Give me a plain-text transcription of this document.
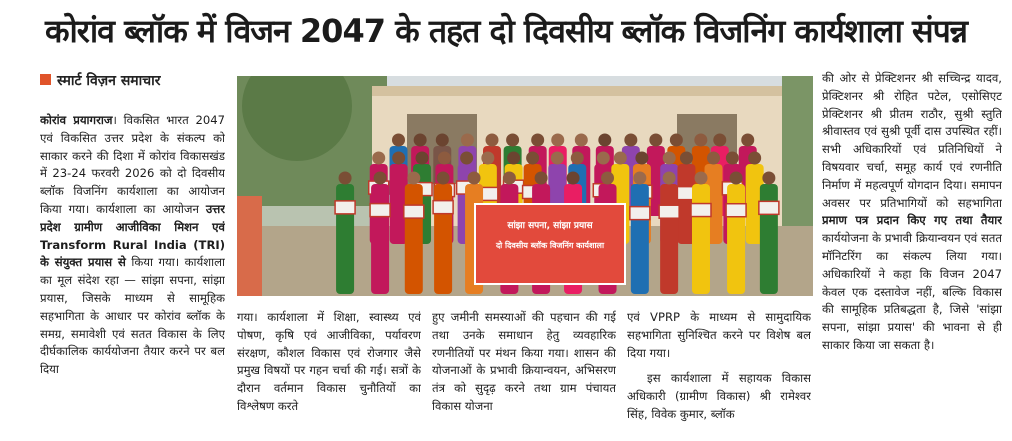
कोरांव ब्लॉक में विजन 2047 के तहत दो दिवसीय ब्लॉक विजनिंग कार्यशाला संपन्न
स्मार्ट विज़न समाचार

कोरांव प्रयागराज। विकसित भारत 2047 एवं विकसित उत्तर प्रदेश के संकल्प को साकार करने की दिशा में कोरांव विकासखंड में 23-24 फरवरी 2026 को दो दिवसीय ब्लॉक विजनिंग कार्यशाला का आयोजन किया गया। कार्यशाला का आयोजन उत्तर प्रदेश ग्रामीण आजीविका मिशन एवं Transform Rural India (TRI) के संयुक्त प्रयास से किया गया। कार्यशाला का मूल संदेश रहा — सांझा सपना, सांझा प्रयास, जिसके माध्यम से सामूहिक सहभागिता के आधार पर कोरांव ब्लॉक के समग्र, समावेशी एवं सतत विकास के लिए दीर्घकालिक कार्ययोजना तैयार करने पर बल दिया

सांझा सपना, सांझा प्रयास
दो दिवसीय ब्लॉक विजनिंग कार्यशाला

गया। कार्यशाला में शिक्षा, स्वास्थ्य एवं पोषण, कृषि एवं आजीविका, पर्यावरण संरक्षण, कौशल विकास एवं रोजगार जैसे प्रमुख विषयों पर गहन चर्चा की गई। सत्रों के दौरान वर्तमान विकास चुनौतियों का विश्लेषण करते

हुए जमीनी समस्याओं की पहचान की गई तथा उनके समाधान हेतु व्यवहारिक रणनीतियों पर मंथन किया गया। शासन की योजनाओं के प्रभावी क्रियान्वयन, अभिसरण तंत्र को सुदृढ़ करने तथा ग्राम पंचायत विकास योजना

एवं VPRP के माध्यम से सामुदायिक सहभागिता सुनिश्चित करने पर विशेष बल दिया गया।

इस कार्यशाला में सहायक विकास अधिकारी (ग्रामीण विकास) श्री रामेश्वर सिंह, विवेक कुमार, ब्लॉक

की ओर से प्रेक्टिशनर श्री सच्चिन्द्र यादव, प्रेक्टिशनर श्री रोहित पटेल, एसोसिएट प्रेक्टिशनर श्री प्रीतम राठौर, सुश्री स्तुति श्रीवास्तव एवं सुश्री पूर्वी दास उपस्थित रहीं। सभी अधिकारियों एवं प्रतिनिधियों ने विषयवार चर्चा, समूह कार्य एवं रणनीति निर्माण में महत्वपूर्ण योगदान दिया। समापन अवसर पर प्रतिभागियों को सहभागिता प्रमाण पत्र प्रदान किए गए तथा तैयार कार्ययोजना के प्रभावी क्रियान्वयन एवं सतत मॉनिटरिंग का संकल्प लिया गया। अधिकारियों ने कहा कि विजन 2047 केवल एक दस्तावेज नहीं, बल्कि विकास की सामूहिक प्रतिबद्धता है, जिसे 'सांझा सपना, सांझा प्रयास' की भावना से ही साकार किया जा सकता है।
